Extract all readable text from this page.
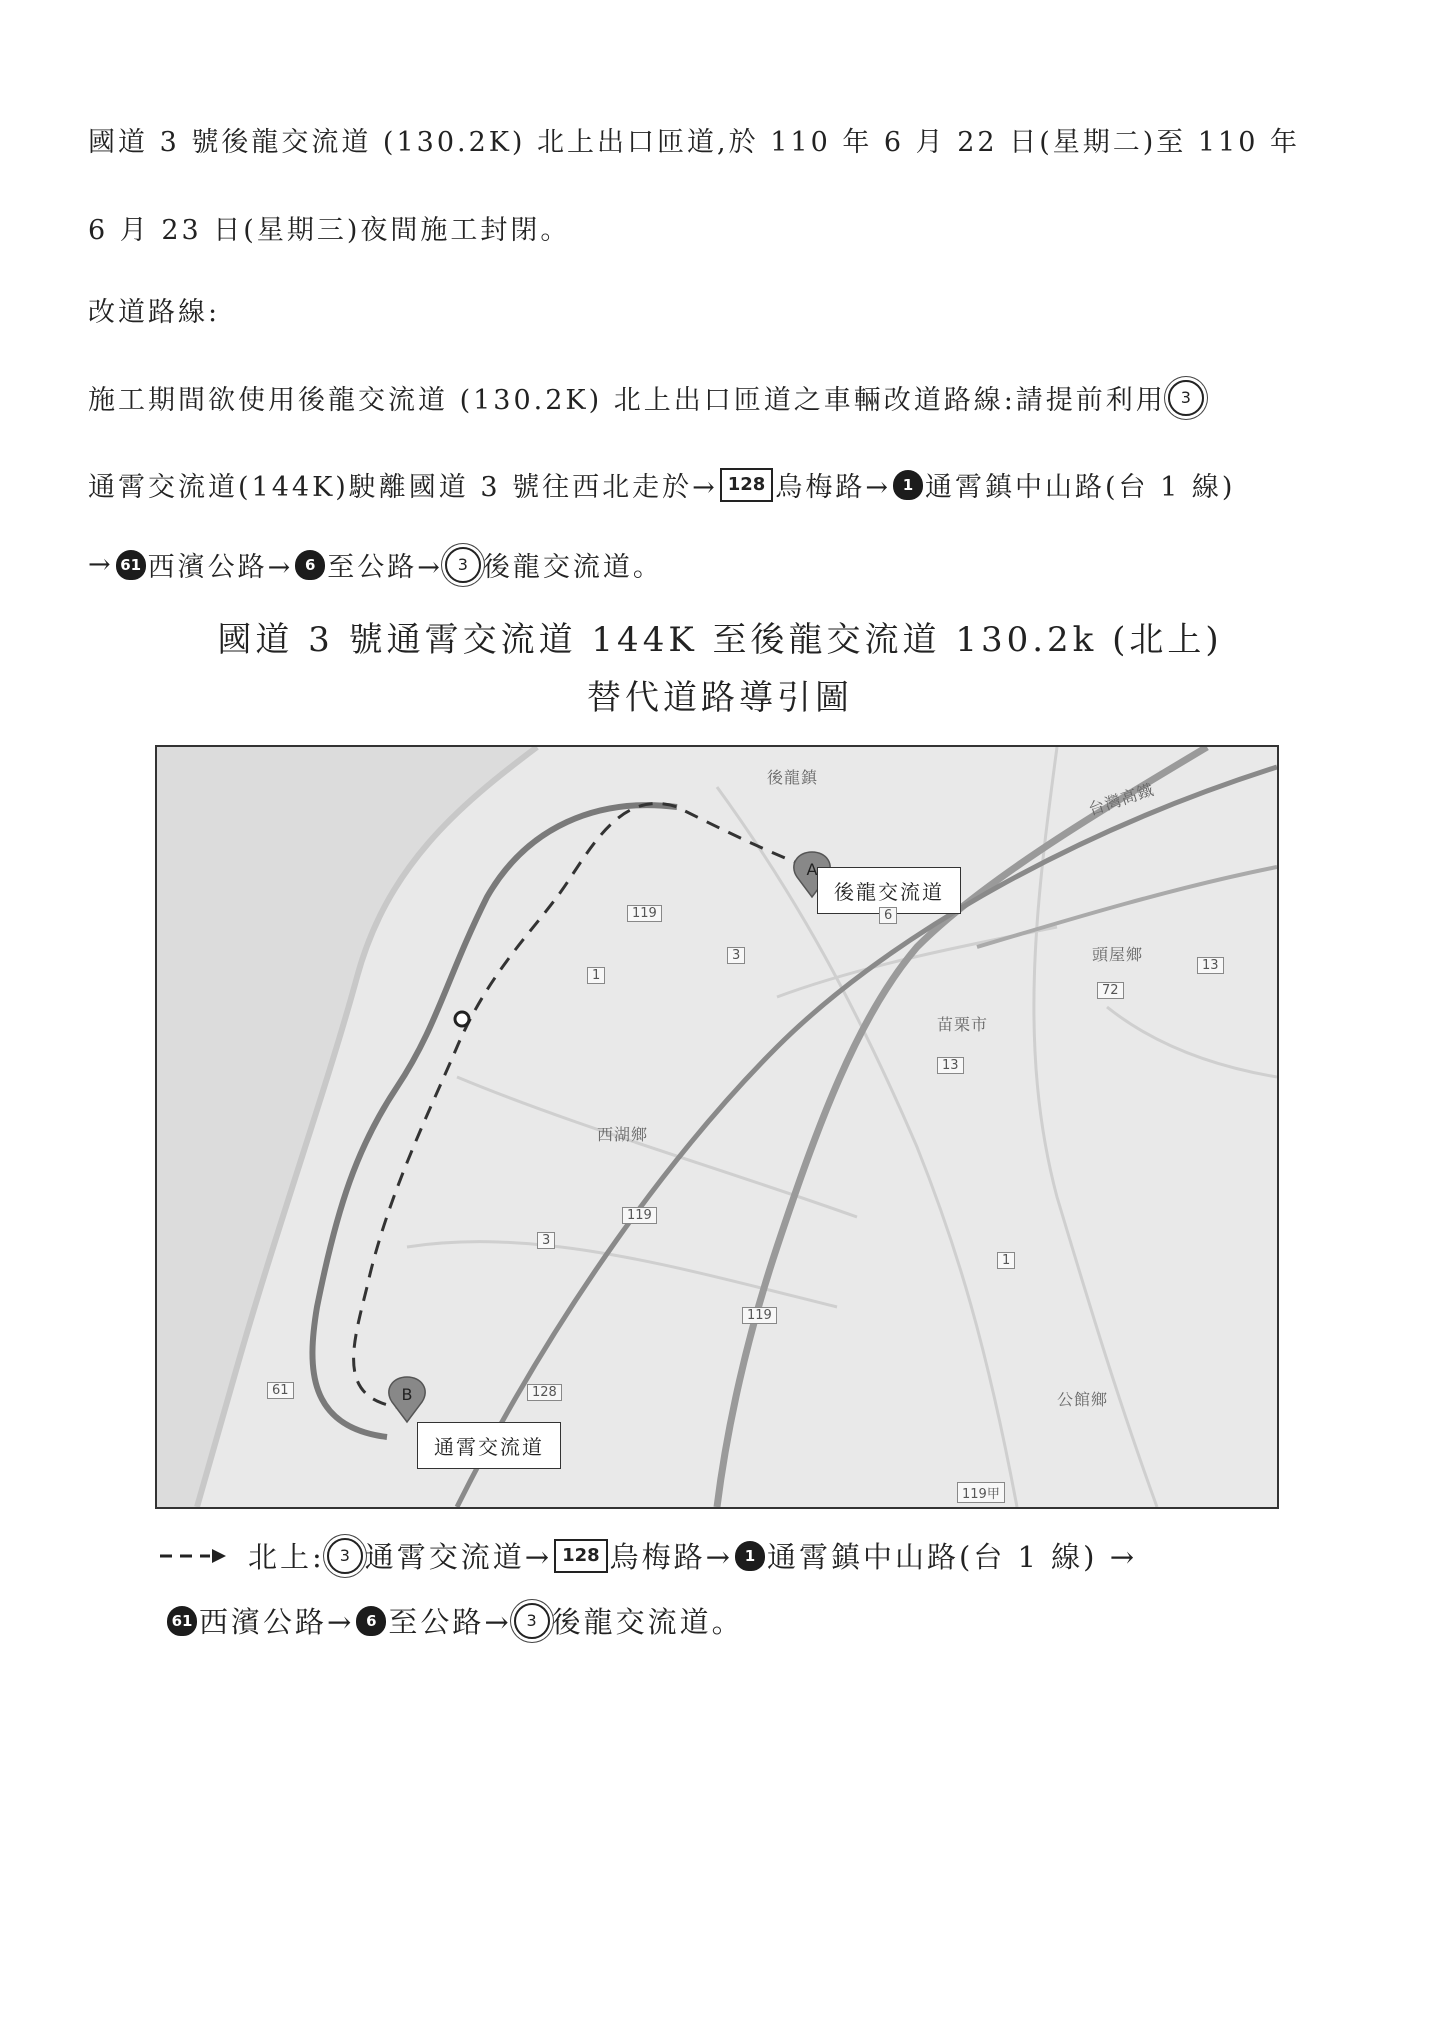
國道 3 號後龍交流道 (130.2K) 北上出口匝道,於 110 年 6 月 22 日(星期二)至 110 年
6 月 23 日(星期三)夜間施工封閉。
改道路線:
施工期間欲使用後龍交流道 (130.2K) 北上出口匝道之車輛改道路線:請提前利用 3
通霄交流道(144K)駛離國道 3 號往西北走於→ 128 烏梅路→ 1 通霄鎮中山路(台 1 線)
→ 61 西濱公路→ 6 至公路→ 3 後龍交流道。
國道 3 號通霄交流道 144K 至後龍交流道 130.2k (北上)
替代道路導引圖
A
B
後龍交流道
通霄交流道
119
119
119
128
3
3
1
1
6
61
13
72
13
119甲
後龍鎮
苗栗市
西湖鄉
頭屋鄉
台灣高鐵
公館鄉
北上: 3 通霄交流道→ 128 烏梅路→ 1 通霄鎮中山路(台 1 線) →
61 西濱公路→ 6 至公路→ 3 後龍交流道。
